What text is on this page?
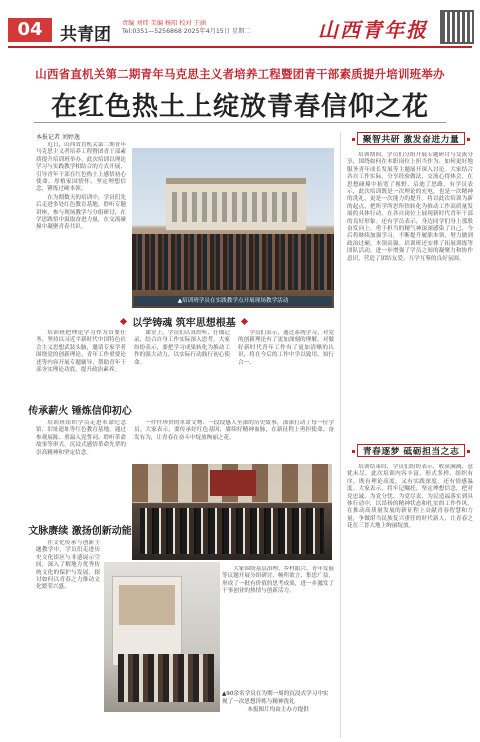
04	共青团
责编 刘炜 美编 杨阳 校对 王涵
Tel:0351—5256868 2025年4月15日 星期二	山西青年报
山西省直机关第二期青年马克思主义者培养工程暨团青干部素质提升培训班举办
在红色热土上绽放青春信仰之花
本报记者 刘婷逸

近日，山西省直机关第二期青年马克思主义者培养工程暨团青干部素质提升培训班举办。此次培训以理论学习与实践教学相结合的方式开展，引导青年干部在红色热土上感悟初心使命、厚植家国情怀，坚定理想信念，锤炼过硬本领。

在为期数天的培训中，学员们先后走进多处红色教育基地，聆听专题讲座，参与现场教学与分组研讨，在学思践悟中汲取奋进力量，在交流碰撞中凝聚青春共识。

▲培训班学员在实践教学点开展现场教学活动
以学铸魂 筑牢思想根基

培训班把理论学习作为首要任务，坚持以习近平新时代中国特色社会主义思想武装头脑，邀请专家学者围绕党的创新理论、青年工作重要论述等内容开展专题辅导，帮助青年干部夯实理论功底，提升政治素养。

课堂上，学员们认真聆听、仔细记录，结合自身工作实际深入思考。大家纷纷表示，要把学习成果转化为推动工作的强大动力，以实际行动践行初心使命。

学员们表示，通过系统学习，对党的创新理论有了更加深刻的理解，对做好新时代青年工作有了更加清晰的认识，将在今后的工作中学以致用、知行合一。

传承薪火 锤炼信仰初心

培训班组织学员走进革命纪念馆、旧址遗址等红色教育基地，通过参观展陈、重温入党誓词、聆听革命故事等形式，沉浸式感悟革命先辈的崇高精神和坚定信念。

一件件珍贵的革命文物、一段段感人至深的历史故事，深深打动了每一位学员。大家表示，要传承好红色基因，赓续好精神血脉，在新征程上勇担使命、奋发有为，让青春在奋斗中绽放绚丽之花。

文脉赓续 激扬创新动能

在文化传承与创新主题教学中，学员们走进历史文化街区与非遗展示空间，深入了解地方优秀传统文化的保护与发展，探讨如何以青春之力推动文化繁荣兴盛。

大家围绕基层治理、乡村振兴、青年发展等议题开展分组研讨，畅所欲言、集思广益，形成了一批有价值的思考成果，进一步激发了干事创业的热情与创新活力。

▲90余名学员在为期一周的沉浸式学习中实现了一次思想淬炼与精神洗礼
本报图片均由主办方提供
聚智共研 激发奋进力量

培训期间，学员们分组开展专题研讨与交流分享，围绕如何在本职岗位上担当作为、如何更好地服务青年成长发展等主题展开深入讨论。大家结合各自工作实际，分享经验做法，交流心得体会，在思想碰撞中拓宽了视野、启迪了思路。有学员表示，此次培训既是一次理论的充电，也是一次精神的洗礼，更是一次能力的提升。将以此次培训为新的起点，把所学所思所悟转化为推动工作高质量发展的具体行动，在各自岗位上展现新时代青年干部的良好形象。还有学员表示，身边同学们身上那股奋发向上、勇于担当的精气神深深感染了自己，今后将继续加强学习，不断提升履职本领，努力做到政治过硬、本领高强。培训班还安排了拓展训练等团队活动，进一步增强了学员之间的凝聚力和协作意识，营造了团结友爱、互学互鉴的良好氛围。

青春逐梦 砥砺担当之志

培训结束时，学员们纷纷表示，收获满满、意犹未尽。此次培训内容丰富、形式多样、组织有序，既有理论高度，又有实践深度，还有情感温度。大家表示，将牢记嘱托，坚定理想信念，把对党忠诚、为党分忧、为党尽责、为民造福落实到具体行动中，以昂扬的精神状态和扎实的工作作风，在推动高质量发展的新征程上贡献青春智慧和力量，争做堪当民族复兴重任的时代新人，让青春之花在三晋大地上绚丽绽放。
